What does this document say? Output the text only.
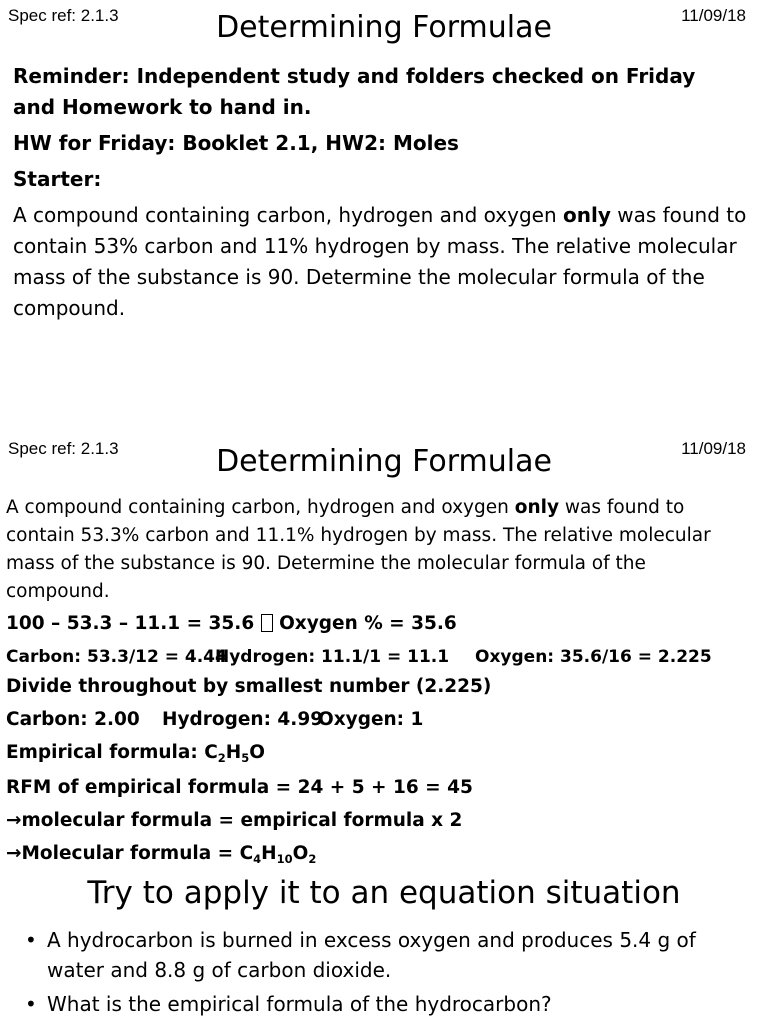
Spec ref: 2.1.3	11/09/18
Determining Formulae
Reminder: Independent study and folders checked on Friday and Homework to hand in.
HW for Friday: Booklet 2.1, HW2: Moles
Starter:
A compound containing carbon, hydrogen and oxygen only was found to contain 53% carbon and 11% hydrogen by mass. The relative molecular mass of the substance is 90. Determine the molecular formula of the compound.
Spec ref: 2.1.3	11/09/18
Determining Formulae
A compound containing carbon, hydrogen and oxygen only was found to contain 53.3% carbon and 11.1% hydrogen by mass. The relative molecular mass of the substance is 90. Determine the molecular formula of the compound.
100 – 53.3 – 11.1 = 35.6  Oxygen % = 35.6
Carbon: 53.3/12 = 4.44
Hydrogen: 11.1/1 = 11.1 Oxygen: 35.6/16 = 2.225
Divide throughout by smallest number (2.225)
Carbon: 2.00 Hydrogen: 4.99
Oxygen: 1
Empirical formula: $C_2H_5O$
RFM of empirical formula = 24 + 5 + 16 = 45
→molecular formula = empirical formula x 2
→Molecular formula = $C_4H_{10}O_2$
Try to apply it to an equation situation
• A hydrocarbon is burned in excess oxygen and produces 5.4 g of water and 8.8 g of carbon dioxide.
• What is the empirical formula of the hydrocarbon?
